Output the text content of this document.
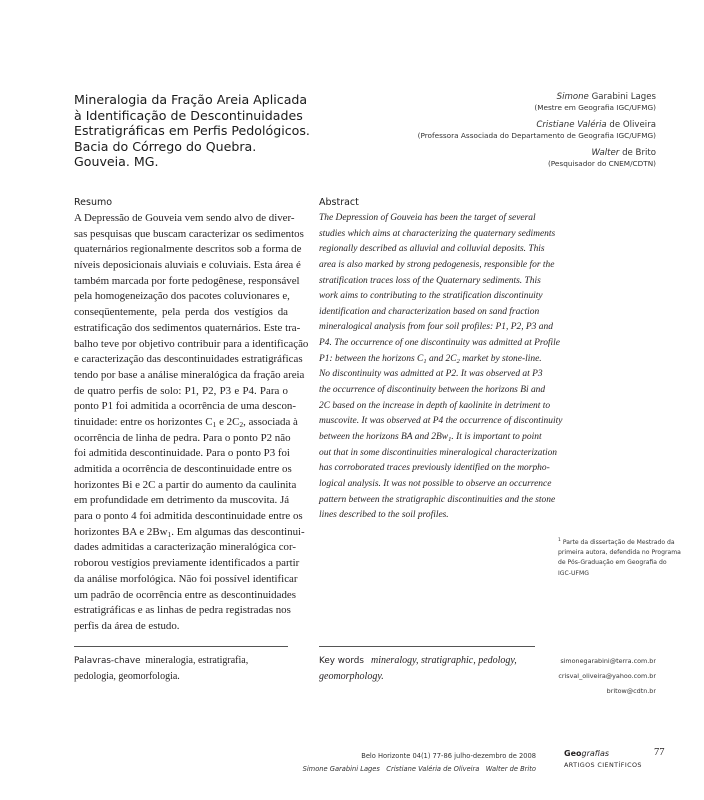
Mineralogia da Fração Areia Aplicada
à Identificação de Descontinuidades
Estratigráficas em Perfis Pedológicos.
Bacia do Córrego do Quebra.
Gouveia. MG.
Simone Garabini Lages
(Mestre em Geografia IGC/UFMG)
Cristiane Valéria de Oliveira
(Professora Associada do Departamento de Geografia IGC/UFMG)
Walter de Brito
(Pesquisador do CNEM/CDTN)
Resumo	Abstract
A Depressão de Gouveia vem sendo alvo de diver-
sas pesquisas que buscam caracterizar os sedimentos
quaternários regionalmente descritos sob a forma de
níveis deposicionais aluviais e coluviais. Esta área é
também marcada por forte pedogênese, responsável
pela homogeneização dos pacotes coluvionares e,
conseqüentemente, pela perda dos vestígios da
estratificação dos sedimentos quaternários. Este tra-
balho teve por objetivo contribuir para a identificação
e caracterização das descontinuidades estratigráficas
tendo por base a análise mineralógica da fração areia
de quatro perfis de solo: P1, P2, P3 e P4. Para o
ponto P1 foi admitida a ocorrência de uma descon-
tinuidade: entre os horizontes $C_1$ e $2C_2$, associada à
ocorrência de linha de pedra. Para o ponto P2 não
foi admitida descontinuidade. Para o ponto P3 foi
admitida a ocorrência de descontinuidade entre os
horizontes Bi e 2C a partir do aumento da caulinita
em profundidade em detrimento da muscovita. Já
para o ponto 4 foi admitida descontinuidade entre os
horizontes BA e $2Bw_1$. Em algumas das descontinui-
dades admitidas a caracterização mineralógica cor-
roborou vestígios previamente identificados a partir
da análise morfológica. Não foi possível identificar
um padrão de ocorrência entre as descontinuidades
estratigráficas e as linhas de pedra registradas nos
perfis da área de estudo.
The Depression of Gouveia has been the target of several
studies which aims at characterizing the quaternary sediments
regionally described as alluvial and colluvial deposits. This
area is also marked by strong pedogenesis, responsible for the
stratification traces loss of the Quaternary sediments. This
work aims to contributing to the stratification discontinuity
identification and characterization based on sand fraction
mineralogical analysis from four soil profiles: P1, P2, P3 and
P4. The occurrence of one discontinuity was admitted at Profile
P1: between the horizons $C_1$ and $2C_2$ market by stone-line.
No discontinuity was admitted at P2. It was observed at P3
the occurrence of discontinuity between the horizons Bi and
2C based on the increase in depth of kaolinite in detriment to
muscovite. It was observed at P4 the occurrence of discontinuity
between the horizons BA and $2Bw_1$. It is important to point
out that in some discontinuities mineralogical characterization
has corroborated traces previously identified on the morpho-
logical analysis. It was not possible to observe an occurrence
pattern between the stratigraphic discontinuities and the stone
lines described to the soil profiles.
$^1$ Parte da dissertação de Mestrado da
primeira autora, defendida no Programa
de Pós-Graduação em Geografia do
IGC-UFMG
Palavras-chave mineralogia, estratigrafia, pedologia, geomorfologia.
Key words mineralogy, stratigraphic, pedology, geomorphology.
simonegarabini@terra.com.br
crisval_oliveira@yahoo.com.br
britow@cdtn.br
Belo Horizonte 04(1) 77-86 julho-dezembro de 2008
Simone Garabini Lages Cristiane Valéria de Oliveira Walter de Brito
Geografias
ARTIGOS CIENTÍFICOS
77
